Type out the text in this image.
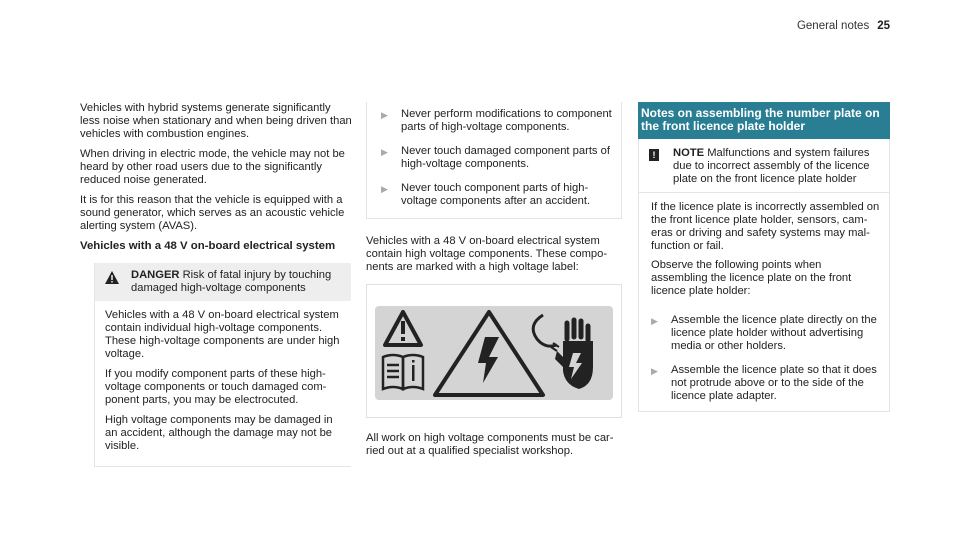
General notes 25

Vehicles with hybrid systems generate significantly less noise when stationary and when being driven than vehicles with combustion engines.

When driving in electric mode, the vehicle may not be heard by other road users due to the significantly reduced noise generated.

It is for this reason that the vehicle is equipped with a sound generator, which serves as an acoustic vehicle alerting system (AVAS).

Vehicles with a 48 V on-board electrical system
DANGER Risk of fatal injury by touching damaged high-voltage components

Vehicles with a 48 V on-board electrical system contain individual high-voltage components. These high-voltage components are under high voltage.

If you modify component parts of these high-voltage components or touch damaged component parts, you may be electrocuted.

High voltage components may be damaged in an accident, although the damage may not be visible.

▶	Never perform modifications to component parts of high-voltage components.
▶	Never touch damaged component parts of high-voltage components.
▶	Never touch component parts of high-voltage components after an accident.

Vehicles with a 48 V on-board electrical system contain high voltage components. These components are marked with a high voltage label:

All work on high voltage components must be carried out at a qualified specialist workshop.

Notes on assembling the number plate on the front licence plate holder
!	NOTE Malfunctions and system failures due to incorrect assembly of the licence plate on the front licence plate holder

If the licence plate is incorrectly assembled on the front licence plate holder, sensors, cameras or driving and safety systems may malfunction or fail.

Observe the following points when assembling the licence plate on the front licence plate holder:

▶	Assemble the licence plate directly on the licence plate holder without advertising media or other holders.
▶	Assemble the licence plate so that it does not protrude above or to the side of the licence plate adapter.
